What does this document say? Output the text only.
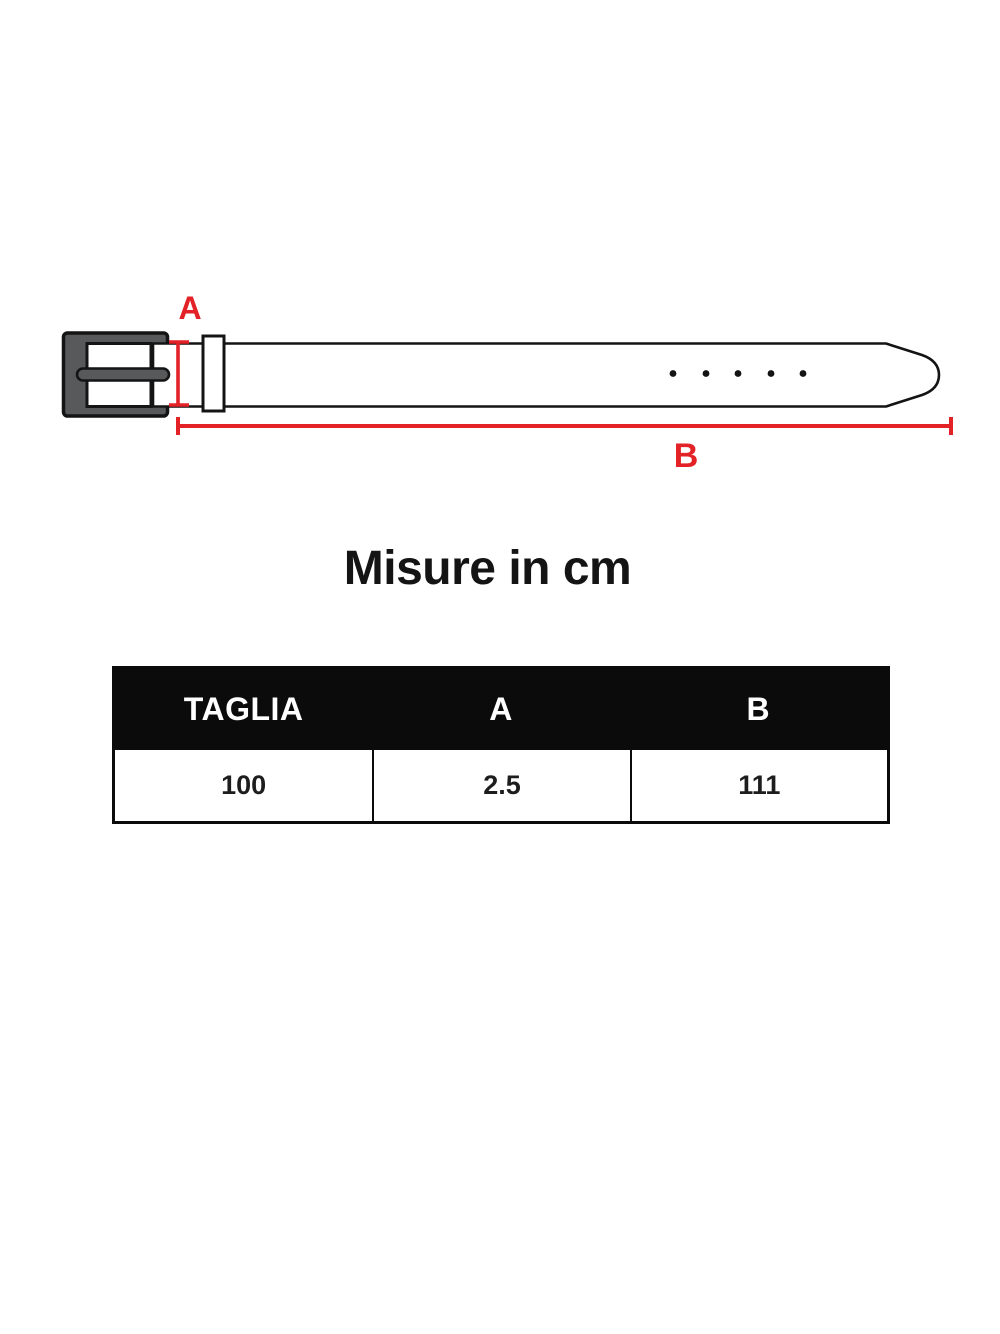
A
B
Misure in cm
TAGLIA	A	B
100	2.5	111
